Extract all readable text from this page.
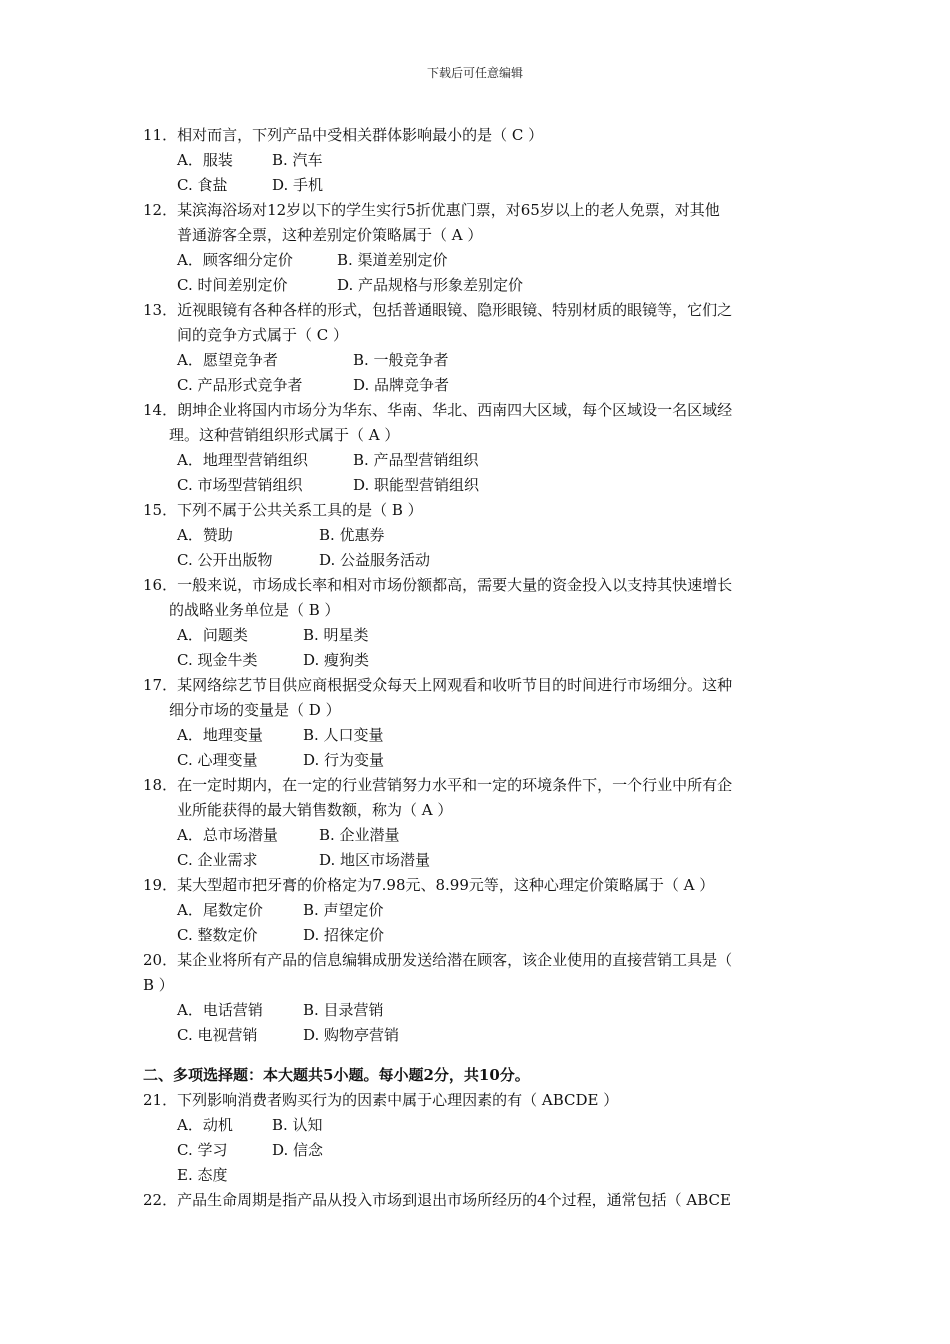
下载后可任意编辑
11．相对而言，下列产品中受相关群体影响最小的是（ C ）
A．服装	B. 汽车
C. 食盐	D. 手机
12．某滨海浴场对12岁以下的学生实行5折优惠门票，对65岁以上的老人免票，对其他
普通游客全票，这种差别定价策略属于（ A ）
A．顾客细分定价	B. 渠道差别定价
C. 时间差别定价	D. 产品规格与形象差别定价
13．近视眼镜有各种各样的形式，包括普通眼镜、隐形眼镜、特别材质的眼镜等，它们之
间的竞争方式属于（ C ）
A．愿望竞争者	B. 一般竞争者
C. 产品形式竞争者	D. 品牌竞争者
14．朗坤企业将国内市场分为华东、华南、华北、西南四大区域，每个区域设一名区域经
理。这种营销组织形式属于（ A ）
A．地理型营销组织	B. 产品型营销组织
C. 市场型营销组织	D. 职能型营销组织
15．下列不属于公共关系工具的是（ B ）
A．赞助	B. 优惠券
C. 公开出版物	D. 公益服务活动
16．一般来说，市场成长率和相对市场份额都高，需要大量的资金投入以支持其快速增长
的战略业务单位是（ B ）
A．问题类	B. 明星类
C. 现金牛类	D. 瘦狗类
17．某网络综艺节目供应商根据受众每天上网观看和收听节目的时间进行市场细分。这种
细分市场的变量是（ D ）
A．地理变量	B. 人口变量
C. 心理变量	D. 行为变量
18．在一定时期内，在一定的行业营销努力水平和一定的环境条件下，一个行业中所有企
业所能获得的最大销售数额，称为（ A ）
A．总市场潜量	B. 企业潜量
C. 企业需求	D. 地区市场潜量
19．某大型超市把牙膏的价格定为7.98元、8.99元等，这种心理定价策略属于（ A ）
A．尾数定价	B. 声望定价
C. 整数定价	D. 招徕定价
20．某企业将所有产品的信息编辑成册发送给潜在顾客，该企业使用的直接营销工具是（
B ）
A．电话营销	B. 目录营销
C. 电视营销	D. 购物亭营销
二、多项选择题：本大题共5小题。每小题2分，共10分。
21．下列影响消费者购买行为的因素中属于心理因素的有（ ABCDE ）
A．动机	B. 认知
C. 学习	D. 信念
E. 态度
22．产品生命周期是指产品从投入市场到退出市场所经历的4个过程，通常包括（ ABCE
